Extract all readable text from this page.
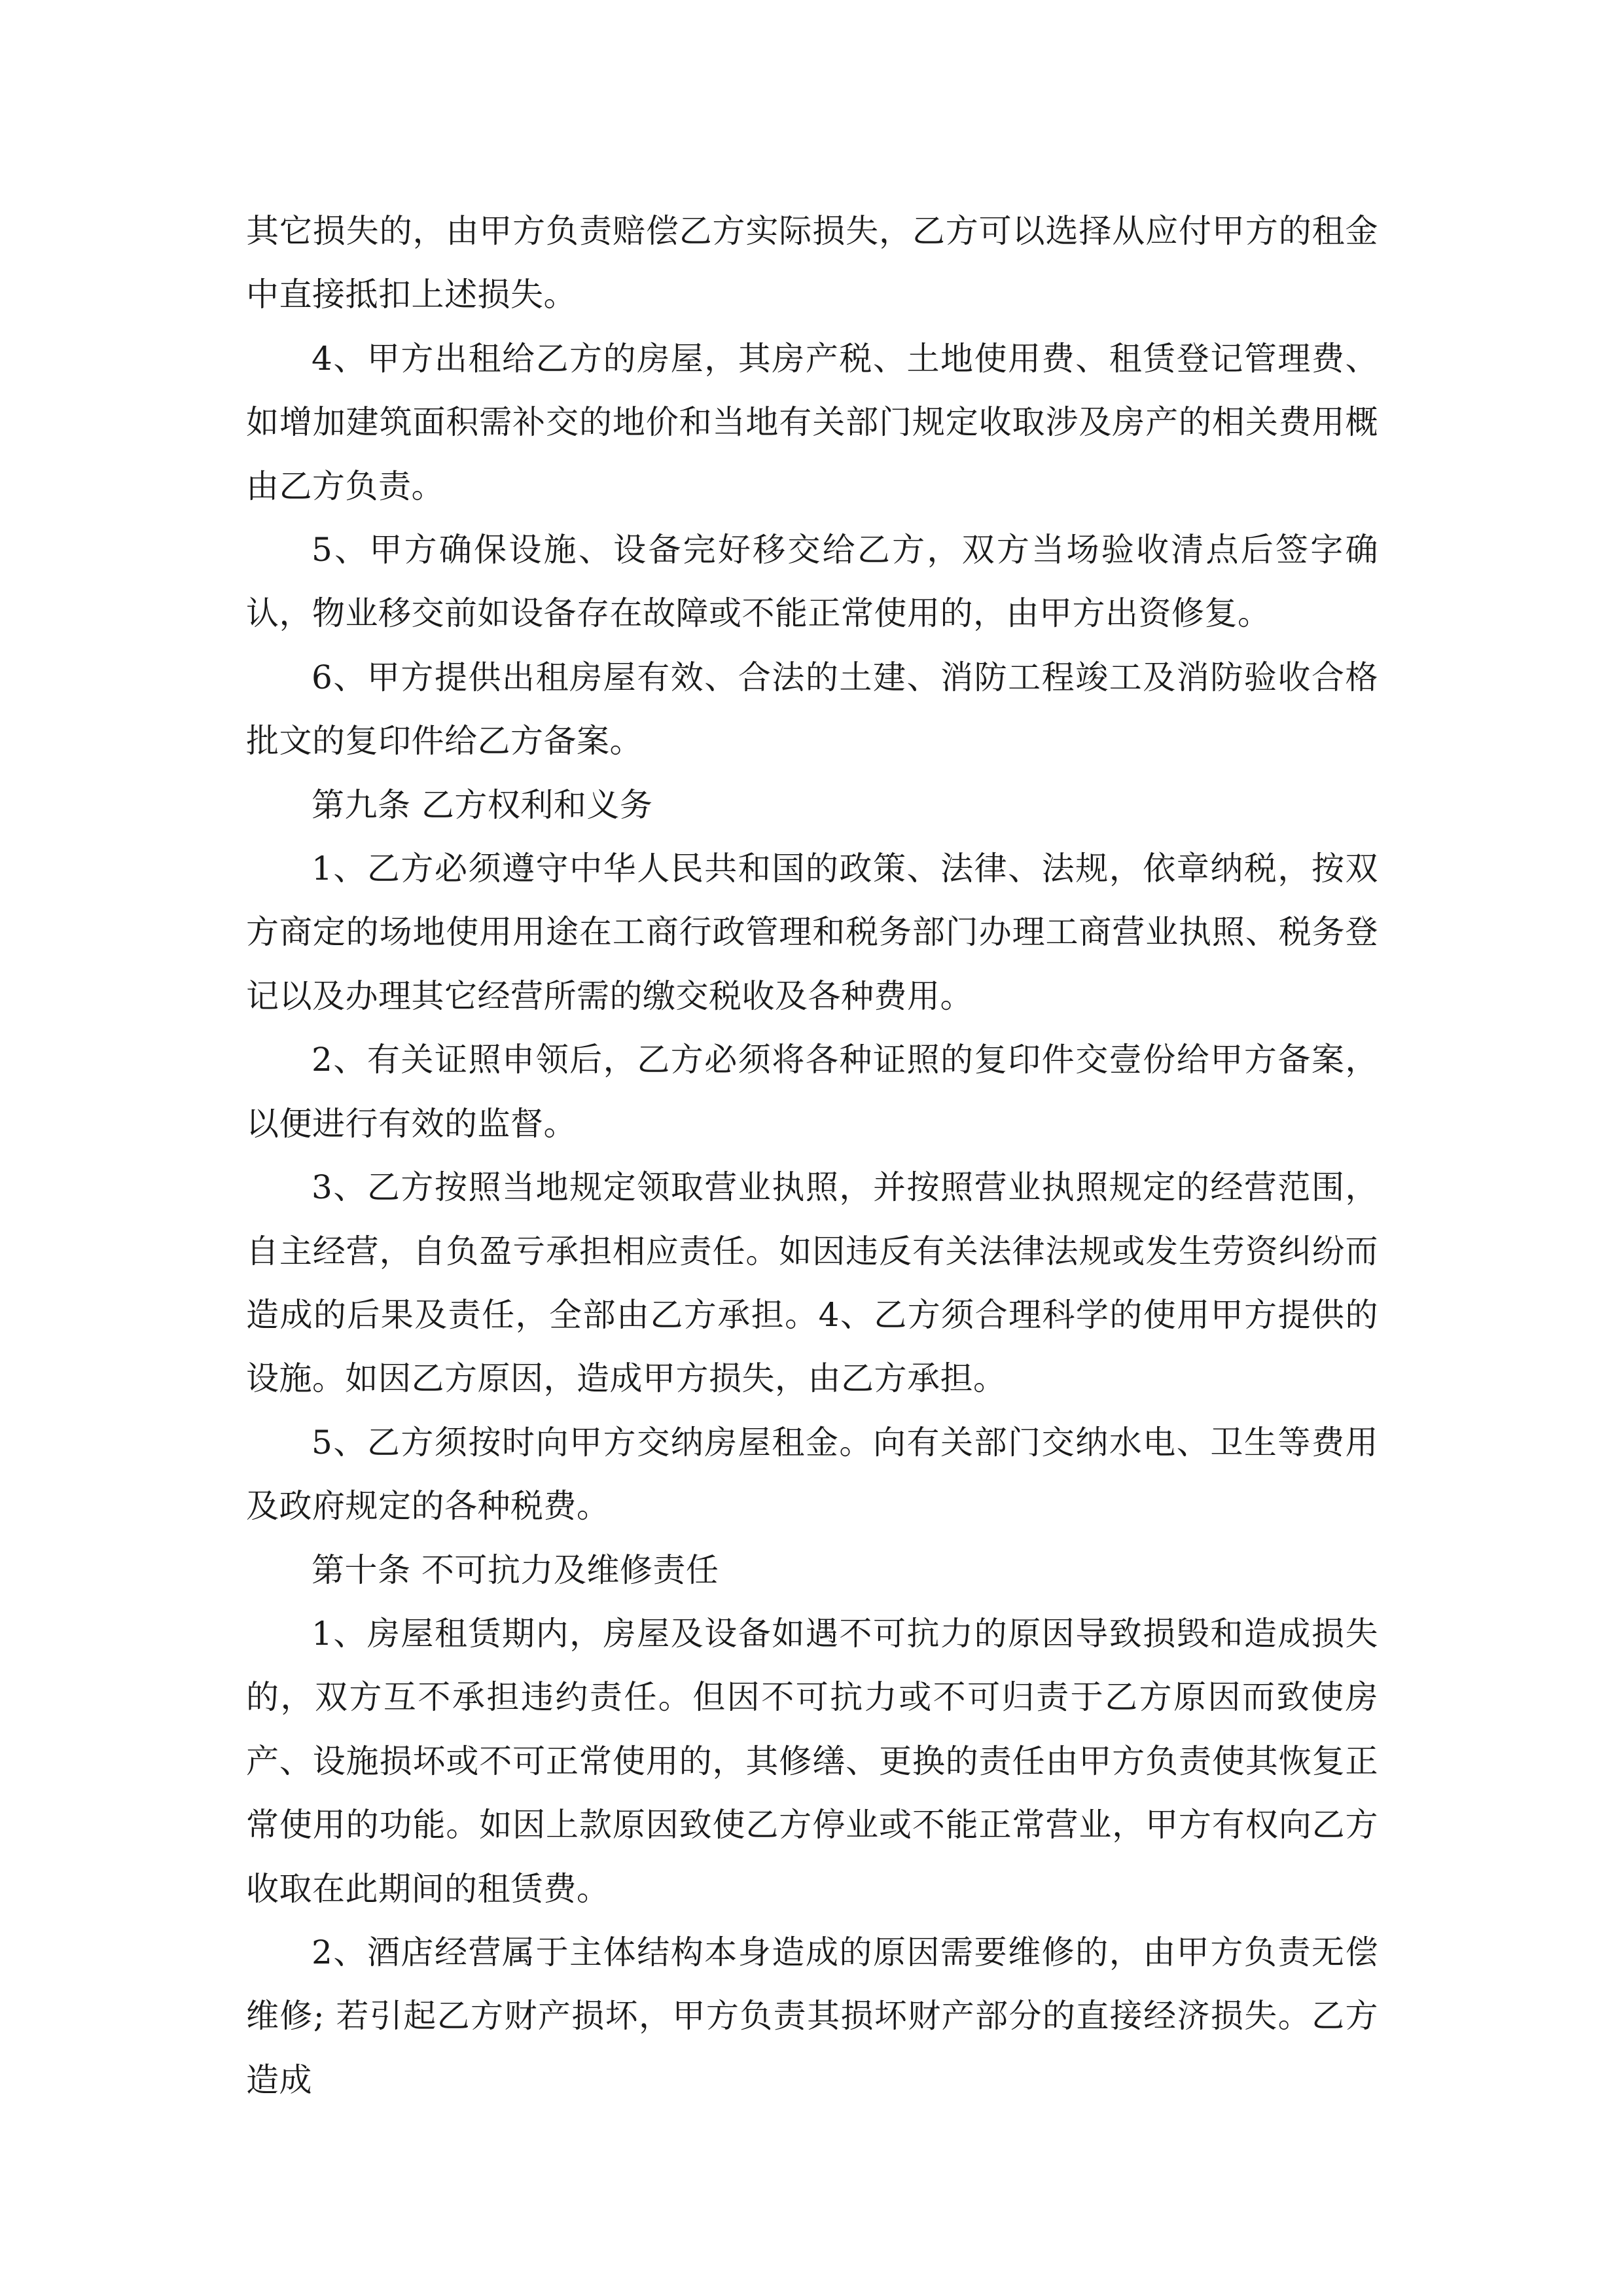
其它损失的，由甲方负责赔偿乙方实际损失，乙方可以选择从应付甲方的租金中直接抵扣上述损失。

4、甲方出租给乙方的房屋，其房产税、土地使用费、租赁登记管理费、如增加建筑面积需补交的地价和当地有关部门规定收取涉及房产的相关费用概由乙方负责。

5、甲方确保设施、设备完好移交给乙方，双方当场验收清点后签字确认，物业移交前如设备存在故障或不能正常使用的，由甲方出资修复。

6、甲方提供出租房屋有效、合法的土建、消防工程竣工及消防验收合格批文的复印件给乙方备案。

第九条 乙方权利和义务

1、乙方必须遵守中华人民共和国的政策、法律、法规，依章纳税，按双方商定的场地使用用途在工商行政管理和税务部门办理工商营业执照、税务登记以及办理其它经营所需的缴交税收及各种费用。

2、有关证照申领后，乙方必须将各种证照的复印件交壹份给甲方备案，以便进行有效的监督。

3、乙方按照当地规定领取营业执照，并按照营业执照规定的经营范围，自主经营，自负盈亏承担相应责任。如因违反有关法律法规或发生劳资纠纷而造成的后果及责任，全部由乙方承担。4、乙方须合理科学的使用甲方提供的设施。如因乙方原因，造成甲方损失，由乙方承担。

5、乙方须按时向甲方交纳房屋租金。向有关部门交纳水电、卫生等费用及政府规定的各种税费。

第十条 不可抗力及维修责任

1、房屋租赁期内，房屋及设备如遇不可抗力的原因导致损毁和造成损失的，双方互不承担违约责任。但因不可抗力或不可归责于乙方原因而致使房产、设施损坏或不可正常使用的，其修缮、更换的责任由甲方负责使其恢复正常使用的功能。如因上款原因致使乙方停业或不能正常营业，甲方有权向乙方收取在此期间的租赁费。

2、酒店经营属于主体结构本身造成的原因需要维修的，由甲方负责无偿维修; 若引起乙方财产损坏，甲方负责其损坏财产部分的直接经济损失。乙方造成
